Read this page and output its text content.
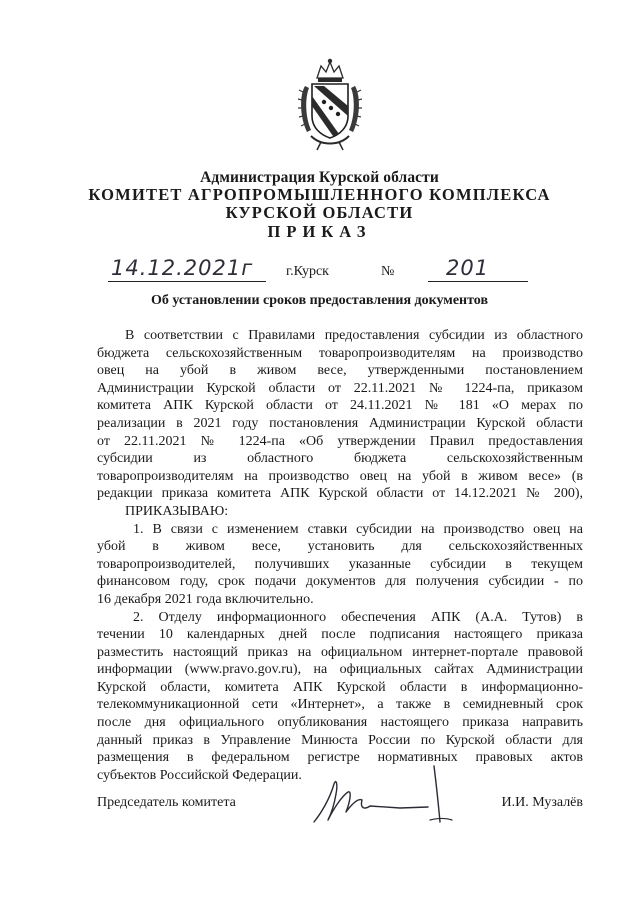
Администрация Курской области
КОМИТЕТ АГРОПРОМЫШЛЕННОГО КОМПЛЕКСА
КУРСКОЙ ОБЛАСТИ
ПРИКАЗ
14.12.2021г г.Курск	№ 201
Об установлении сроков предоставления документов
В соответствии с Правилами предоставления субсидии из областного
бюджета сельскохозяйственным товаропроизводителям на производство
овец на убой в живом весе, утвержденными постановлением
Администрации Курской области от 22.11.2021 № 1224-па, приказом
комитета АПК Курской области от 24.11.2021 № 181 «О мерах по
реализации в 2021 году постановления Администрации Курской области
от 22.11.2021 № 1224-па «Об утверждении Правил предоставления
субсидии из областного бюджета сельскохозяйственным
товаропроизводителям на производство овец на убой в живом весе» (в
редакции приказа комитета АПК Курской области от 14.12.2021 № 200),
ПРИКАЗЫВАЮ:
1. В связи с изменением ставки субсидии на производство овец на
убой в живом весе, установить для сельскохозяйственных
товаропроизводителей, получивших указанные субсидии в текущем
финансовом году, срок подачи документов для получения субсидии - по
16 декабря 2021 года включительно.
2. Отделу информационного обеспечения АПК (А.А. Тутов) в
течении 10 календарных дней после подписания настоящего приказа
разместить настоящий приказ на официальном интернет-портале правовой
информации (www.pravo.gov.ru), на официальных сайтах Администрации
Курской области, комитета АПК Курской области в информационно-
телекоммуникационной сети «Интернет», а также в семидневный срок
после дня официального опубликования настоящего приказа направить
данный приказ в Управление Минюста России по Курской области для
размещения в федеральном регистре нормативных правовых актов
субъектов Российской Федерации.
Председатель комитета	И.И. Музалёв
